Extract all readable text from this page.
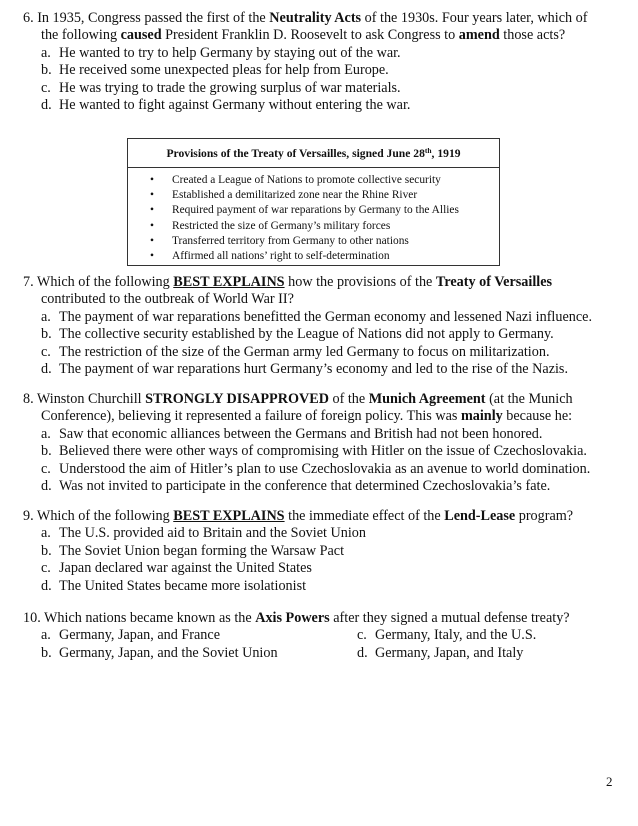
6. In 1935, Congress passed the first of the Neutrality Acts of the 1930s. Four years later, which of
the following caused President Franklin D. Roosevelt to ask Congress to amend those acts?
a. He wanted to try to help Germany by staying out of the war.
b. He received some unexpected pleas for help from Europe.
c. He was trying to trade the growing surplus of war materials.
d. He wanted to fight against Germany without entering the war.
Provisions of the Treaty of Versailles, signed June 28th, 1919
• Created a League of Nations to promote collective security
• Established a demilitarized zone near the Rhine River
• Required payment of war reparations by Germany to the Allies
• Restricted the size of Germany’s military forces
• Transferred territory from Germany to other nations
• Affirmed all nations’ right to self-determination
7. Which of the following BEST EXPLAINS how the provisions of the Treaty of Versailles
contributed to the outbreak of World War II?
a. The payment of war reparations benefitted the German economy and lessened Nazi influence.
b. The collective security established by the League of Nations did not apply to Germany.
c. The restriction of the size of the German army led Germany to focus on militarization.
d. The payment of war reparations hurt Germany’s economy and led to the rise of the Nazis.
8. Winston Churchill STRONGLY DISAPPROVED of the Munich Agreement (at the Munich
Conference), believing it represented a failure of foreign policy. This was mainly because he:
a. Saw that economic alliances between the Germans and British had not been honored.
b. Believed there were other ways of compromising with Hitler on the issue of Czechoslovakia.
c. Understood the aim of Hitler’s plan to use Czechoslovakia as an avenue to world domination.
d. Was not invited to participate in the conference that determined Czechoslovakia’s fate.
9. Which of the following BEST EXPLAINS the immediate effect of the Lend-Lease program?
a. The U.S. provided aid to Britain and the Soviet Union
b. The Soviet Union began forming the Warsaw Pact
c. Japan declared war against the United States
d. The United States became more isolationist
10. Which nations became known as the Axis Powers after they signed a mutual defense treaty?
a. Germany, Japan, and France	c. Germany, Italy, and the U.S.
b. Germany, Japan, and the Soviet Union	d. Germany, Japan, and Italy
2
